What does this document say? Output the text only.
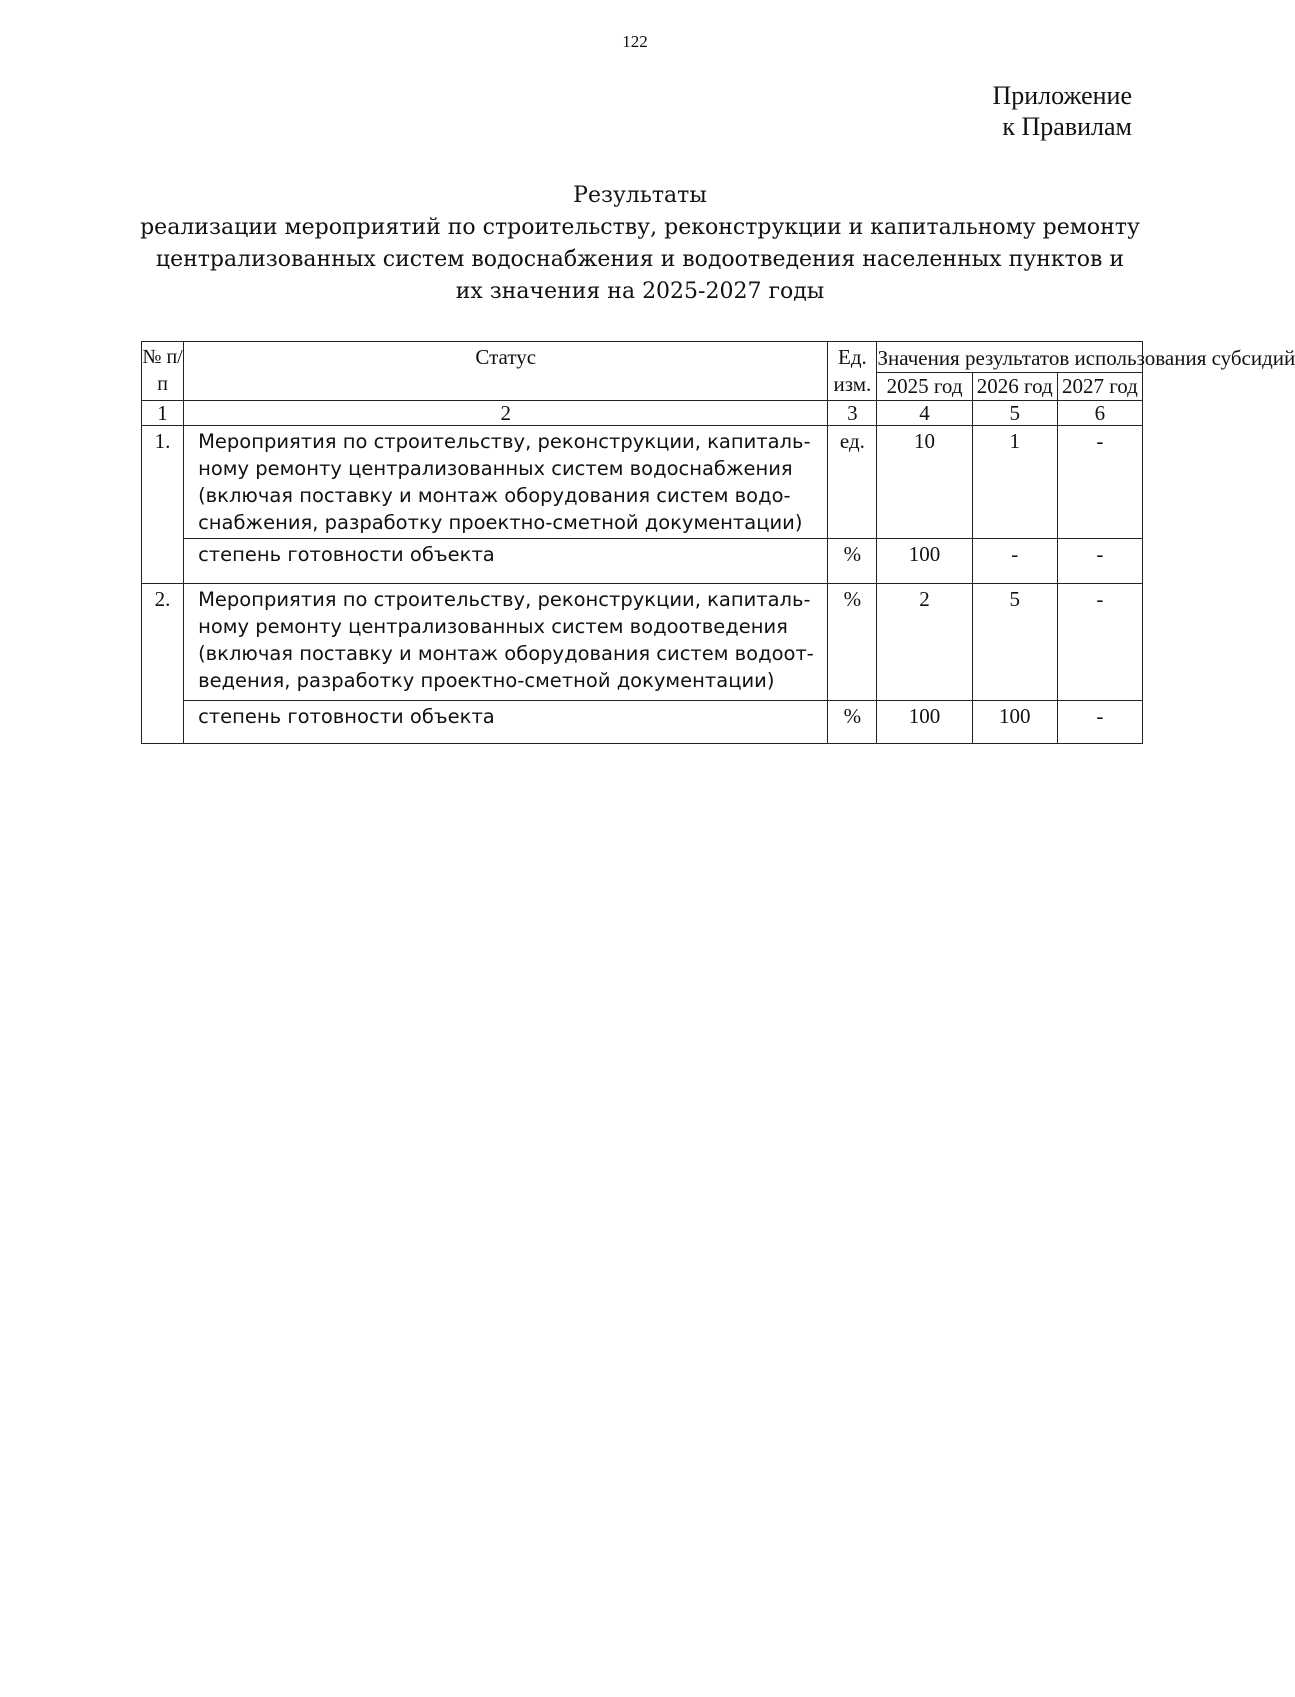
122
Приложение
к Правилам
Результаты
реализации мероприятий по строительству, реконструкции и капитальному ремонту централизованных систем водоснабжения и водоотведения населенных пунктов и их значения на 2025-2027 годы
№ п/п	Статус	Ед. изм.	Значения результатов использования субсидий		
			2025 год	2026 год	2027 год
1	2	3	4	5	6
1.	Мероприятия по строительству, реконструкции, капиталь-ному ремонту централизованных систем водоснабжения (включая поставку и монтаж оборудования систем водо-снабжения, разработку проектно-сметной документации)	ед.	10	1	-
	степень готовности объекта	%	100	-	-
2.	Мероприятия по строительству, реконструкции, капиталь-ному ремонту централизованных систем водоотведения (включая поставку и монтаж оборудования систем водоот-ведения, разработку проектно-сметной документации)	%	2	5	-
	степень готовности объекта	%	100	100	-
